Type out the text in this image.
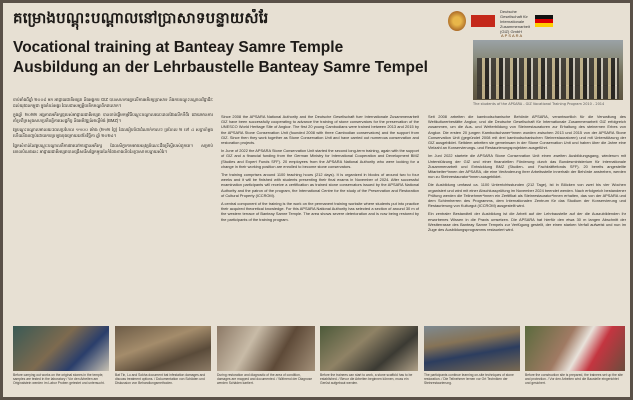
គម្រោងបណ្តុះបណ្តាលនៅប្រាសាទបន្ទាយសំរែ
Vocational training at Banteay Samre Temple
Ausbildung an der Lehrbaustelle Banteay Samre Tempel
Deutsche Gesellschaft für Internationale Zusammenarbeit (GIZ) GmbH
APSARA
The students of the APSARA - GIZ Vocational Training Program 2010 - 2014

ចាប់តាំងពីឆ្នាំ ២០០៨ មក អាជ្ញាធរជាតិអប្សរា និងអង្គការ GIZ បានសហការគ្នាលើការអភិរក្សប្រាសាទ និងការបណ្តុះបណ្តាលវិជ្ជាជីវៈដល់យុវជនកម្ពុជា ក្នុងតំបន់អង្គរ ដែលជាសម្បត្តិបេតិកភណ្ឌពិភពលោក។

ក្នុងឆ្នាំ ២០២២ អង្គភាពអភិរក្សថ្មរបស់អាជ្ញាធរជាតិអប្សរា បានចាប់ផ្តើមកម្មវិធីបណ្តុះបណ្តាលរយៈពេលវែងលើកទីពីរ ដោយមានការគាំទ្រពីក្រសួងសហប្រតិបត្តិការសេដ្ឋកិច្ច និងអភិវឌ្ឍន៍អាល្លឺម៉ង់ (BMZ)។

វគ្គបណ្តុះបណ្តាលមានរយៈពេលប្រហែល ១១០០ ម៉ោង (២១២ ថ្ងៃ) ដែលរៀបចំជាដំណាក់កាលៗ ប្រហែល ២ ទៅ ៤ សប្តាហ៍ម្តង ហើយនឹងបញ្ចប់ដោយការប្រឡងចុងក្រោយនៅខែវិច្ឆិកា ឆ្នាំ ២០២៤។

ផ្នែកសំខាន់នៃវគ្គបណ្តុះបណ្តាលគឺការងារនៅការដ្ឋានអភិរក្ស ដែលសិក្ខាកាមអាចអនុវត្តចំណេះដឹងទ្រឹស្តីរបស់ពួកគេ។ សម្រាប់គោលបំណងនេះ អាជ្ញាធរជាតិអប្សរាបានជ្រើសរើសផ្នែកមួយនៃកំពែងខាងលិចនៃប្រាសាទបន្ទាយសំរែ។

Since 2008 the APSARA National Authority and the Deutsche Gesellschaft fuer Internationale Zusammenarbeit GIZ have been successfully cooperating to advance the training of stone conservators for the preservation of the UNESCO World Heritage Site of Angkor. The first 20 young Cambodians were trained between 2013 and 2015 by the APSARA Stone Conservation Unit (founded 2008 with three Cambodian conservators) and the support from GIZ. Since then they work together as Stone Conservation Unit and have carried out numerous conservation and restoration projects.

In June of 2022 the APSARA Stone Conservation Unit started the second long-term training, again with the support of GIZ and a financial funding from the German Ministry for International Cooperation and Development BMZ (Studies and Expert Funds SFF). 20 employees from the APSARA National Authority who were looking for a change in their working position are enrolled to become stone conservators.

The training comprises around 1100 teaching hours (212 days). It is organized in blocks of around two to four weeks and it will be finished with students presenting their final exams in November of 2024. After successful examination participants will receive a certification as trained stone conservators issued by the APSARA National Authority and the patron of the program, the International Centre for the study of the Preservation and Restoration of Cultural Property (ICCROM).

A central component of the training is the work on the permanent training worksite where students put into practice their acquired theoretical knowledge. For this APSARA National Authority has selected a section of around 30 m of the western terrace of Banteay Samre Temple. The area shows severe deterioration and is now being restored by the participants of the training program.

Seit 2008 arbeiten die kambodschanische Behörde APSARA, verantwortlich für die Verwaltung des Weltkulturerbestätte Angkor, und die Deutsche Gesellschaft für Internationale Zusammenarbeit GIZ erfolgreich zusammen, um die Aus- und Weiterbildung von Steinrestauratoren zur Erhaltung des steinernen Erbes von Angkor. Die ersten 20 jungen Kambodschaner*innen wurden zwischen 2013 und 2015 von der APSARA Stone Conservation Unit (gegründet 2008 mit drei kambodschanischen Steinrestauratoren) und mit Unterstützung der GIZ ausgebildet. Seitdem arbeiten sie gemeinsam in der Stone Conservation Unit und haben über die Jahre eine Vielzahl an Konservierungs- und Restaurierungsprojekten ausgeführt.

Im Juni 2022 startete die APSARA Stone Conservation Unit einen zweiten Ausbildungsgang, wiederum mit Unterstützung der GIZ und einer finanziellen Förderung durch das Bundesministerium für internationale Zusammenarbeit und Entwicklung BMZ (Studien- und Fachkräftefonds SFF). 20 bereits angestellte Mitarbeiter*innen der APSARA, die eine Veränderung ihrer Arbeitsstelle innerhalb der Behörde anstreben, werden nun zu Steinrestaurator*innen ausgebildet.

Die Ausbildung umfasst ca. 1100 Unterrichtsstunden (212 Tage), ist in Blöcken von zwei bis vier Wochen organisiert und wird mit einer Abschlussprüfung im November 2024 beendet werden. Nach erfolgreich bestandener Prüfung werden die Teilnehmer*innen ein Zertifikat als Steinrestaurator*innen erhalten, das von der APSARA und dem Schirmherren des Programms, dem Internationalen Zentrum für das Studium der Konservierung und Restaurierung von Kulturgut (ICCROM) ausgestellt wird.

Ein zentraler Bestandteil der Ausbildung ist die Arbeit auf der Lehrbaustelle auf der die Auszubildenden ihr erworbenes Wissen in die Praxis umsetzen. Die APSARA hat hierfür den etwa 30 m langen Abschnitt der Westterrasse des Banteay Samre Tempels zur Verfügung gestellt, der einen starken Verfall aufweist und nun im Zuge des Ausbildungsprogramms restauriert wird.

Before carrying out works on the original stones in the temple, samples are tested in the laboratory / Vor den Arbeiten am Originalstein werden im Labor Proben getestet und untersucht.
Bat Tin, Lu and Sokha document bat infestation damages and discuss treatment options. / Dokumentation von Schäden und Diskussion von Behandlungsmethoden.
During restoration and diagnostic of the area of condition, damages are mapped and documented. / Während der Diagnose werden Schäden kartiert.
Before the trainees can start to work, a stone scaffold has to be established. / Bevor die Arbeiten beginnen können, muss ein Gerüst aufgebaut werden.
The participants continue learning on-site techniques of stone restoration. / Die Teilnehmer lernen vor Ort Techniken der Steinrestaurierung.
Before the construction site is prepared, the trainees set up the site and protection. / Vor den Arbeiten wird die Baustelle eingerichtet und gesichert.
